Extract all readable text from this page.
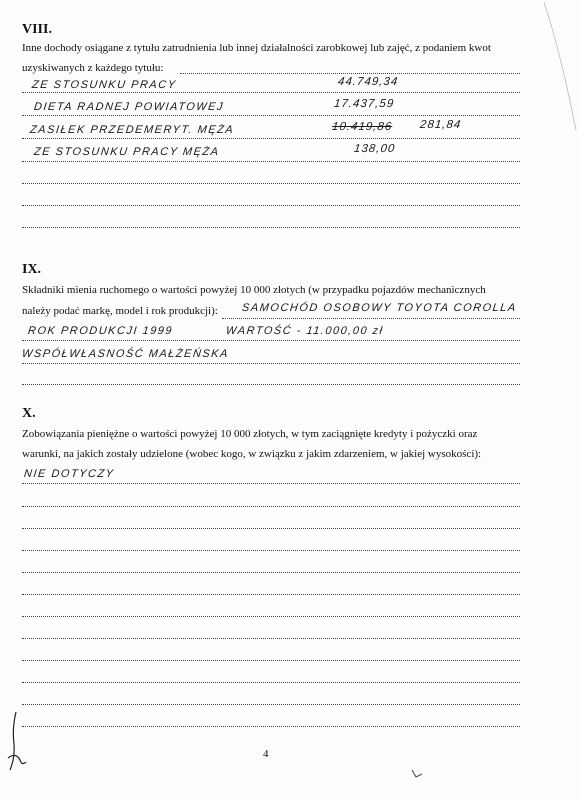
VIII.
Inne dochody osiągane z tytułu zatrudnienia lub innej działalności zarobkowej lub zajęć, z podaniem kwot
uzyskiwanych z każdego tytułu:
ZE STOSUNKU PRACY	44.749,34
DIETA RADNEJ POWIATOWEJ	17.437,59
ZASIŁEK PRZEDEMERYT. MĘŻA	10.419,86 281,84
ZE STOSUNKU PRACY MĘŻA	138,00
IX.
Składniki mienia ruchomego o wartości powyżej 10 000 złotych (w przypadku pojazdów mechanicznych
należy podać markę, model i rok produkcji): SAMOCHÓD OSOBOWY TOYOTA COROLLA
ROK PRODUKCJI 1999	WARTOŚĆ - 11.000,00 zł
WSPÓŁWŁASNOŚĆ MAŁŻEŃSKA
X.
Zobowiązania pieniężne o wartości powyżej 10 000 złotych, w tym zaciągnięte kredyty i pożyczki oraz
warunki, na jakich zostały udzielone (wobec kogo, w związku z jakim zdarzeniem, w jakiej wysokości):
NIE DOTYCZY
4
